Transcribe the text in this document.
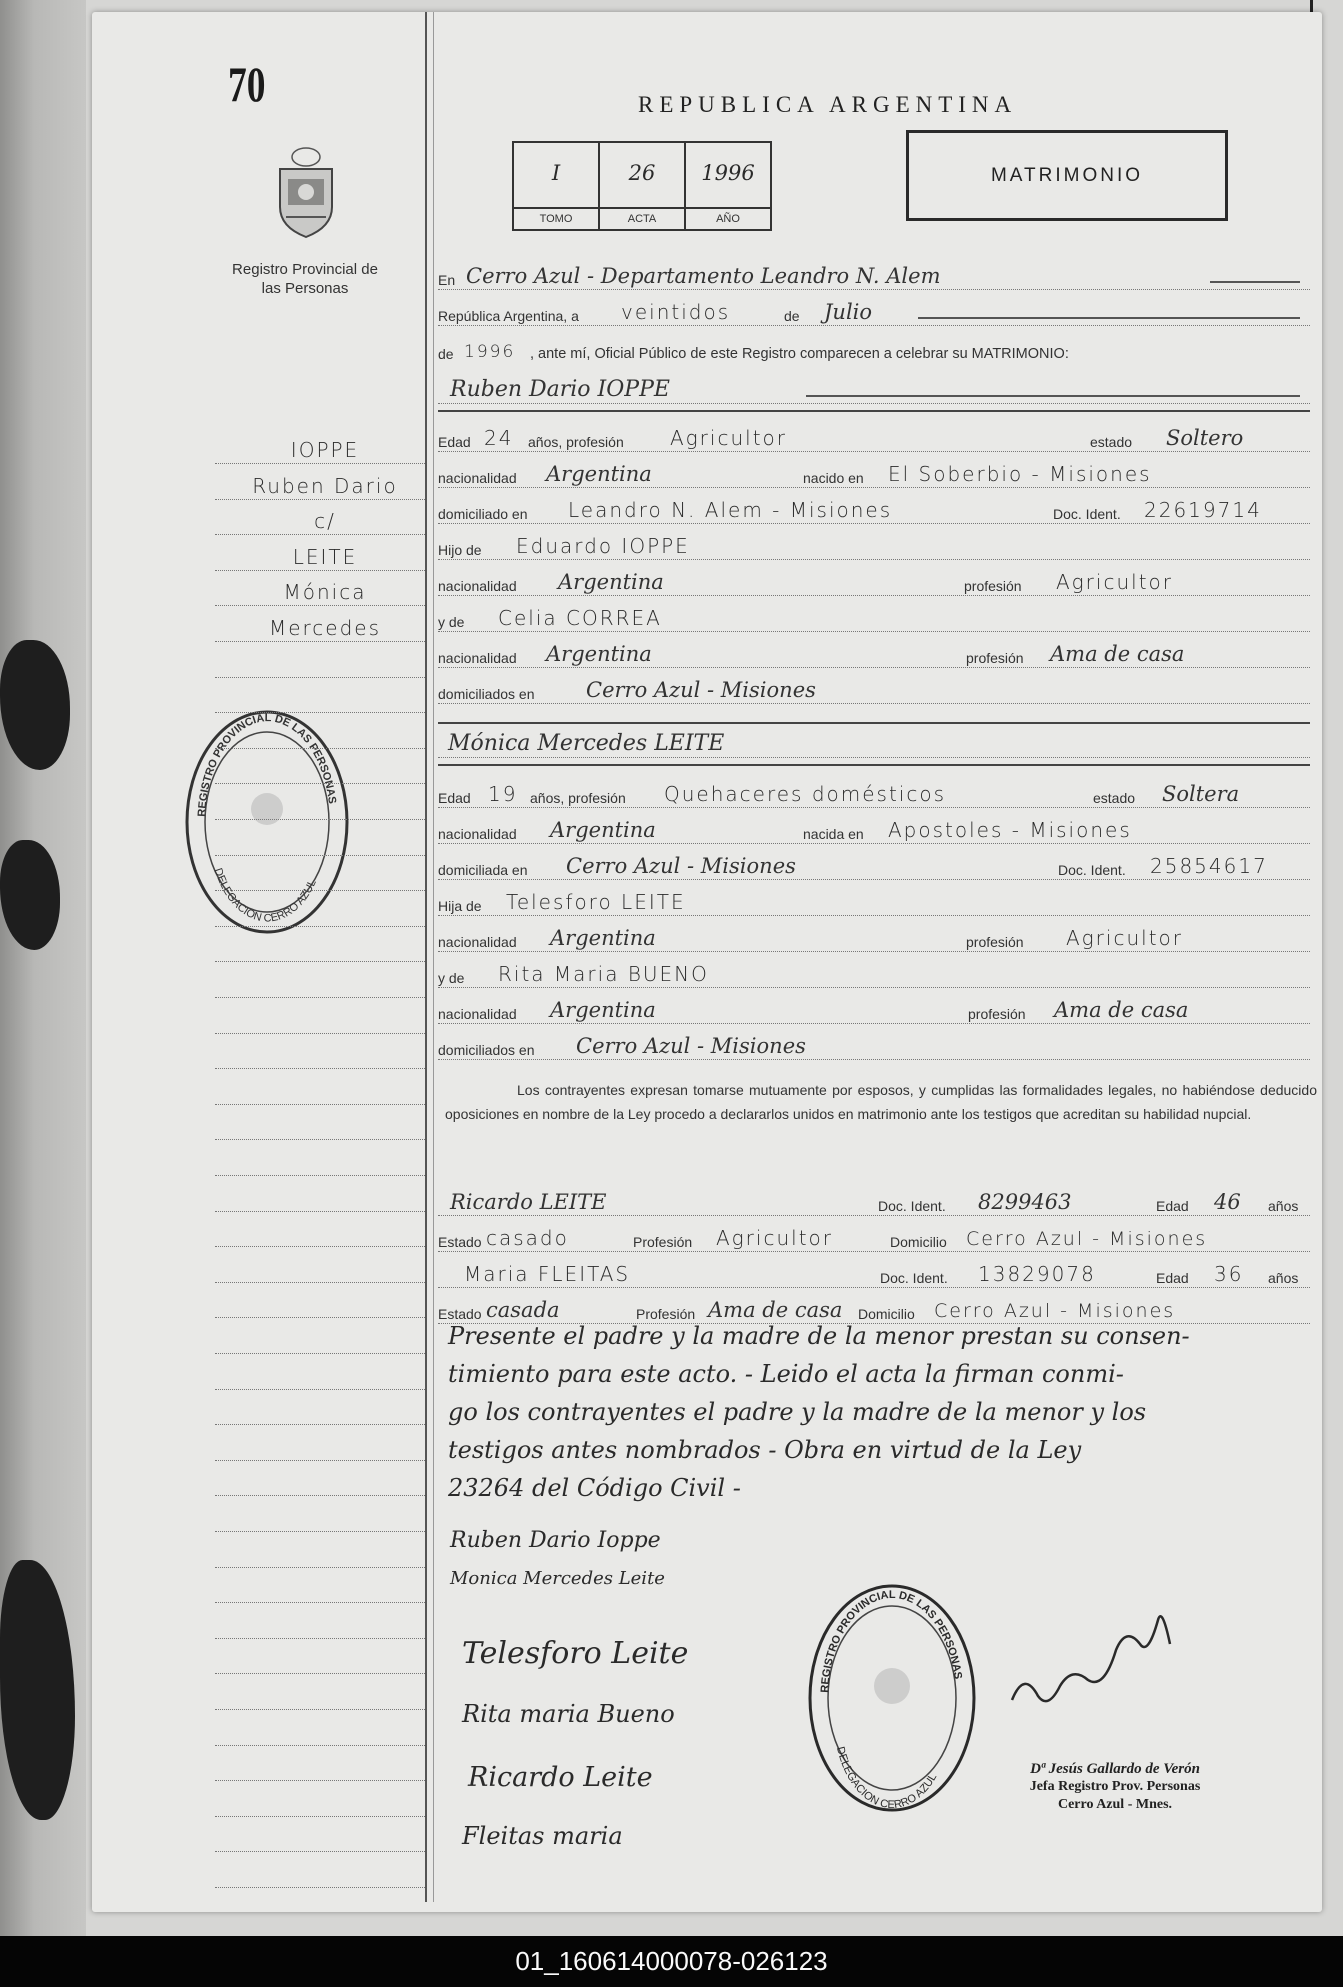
70
Registro Provincial de las Personas
REPUBLICA ARGENTINA
I
TOMO
26
ACTA
1996
AÑO
MATRIMONIO
En Cerro Azul - Departamento Leandro N. Alem
República Argentina, a veintidos	de Julio
de 1996 , ante mí, Oficial Público de este Registro comparecen a celebrar su MATRIMONIO:
Ruben Dario IOPPE
Edad 24 años, profesión Agricultor	estado Soltero
nacionalidad Argentina	nacido en El Soberbio - Misiones
domiciliado en Leandro N. Alem - Misiones	Doc. Ident. 22619714
Hijo de Eduardo IOPPE
nacionalidad Argentina	profesión Agricultor
y de Celia CORREA
nacionalidad Argentina	profesión Ama de casa
domiciliados en Cerro Azul - Misiones
Mónica Mercedes LEITE
Edad 19 años, profesión Quehaceres domésticos	estado Soltera
nacionalidad Argentina	nacida en Apostoles - Misiones
domiciliada en Cerro Azul - Misiones	Doc. Ident. 25854617
Hija de Telesforo LEITE
nacionalidad Argentina	profesión Agricultor
y de Rita Maria BUENO
nacionalidad Argentina	profesión Ama de casa
domiciliados en Cerro Azul - Misiones
Los contrayentes expresan tomarse mutuamente por esposos, y cumplidas las formalidades legales, no habiéndose deducido oposiciones en nombre de la Ley procedo a declararlos unidos en matrimonio ante los testigos que acreditan su habilidad nupcial.
Ricardo LEITE	Doc. Ident. 8299463	Edad 46 años
Estado casado	Profesión Agricultor	Domicilio Cerro Azul - Misiones
Maria FLEITAS	Doc. Ident. 13829078	Edad 36 años
Estado casada	Profesión Ama de casa Domicilio Cerro Azul - Misiones
Presente el padre y la madre de la menor prestan su consen-
timiento para este acto. - Leido el acta la firman conmi-
go los contrayentes el padre y la madre de la menor y los
testigos antes nombrados - Obra en virtud de la Ley
23264 del Código Civil -
Ruben Dario Ioppe
Monica Mercedes Leite
Telesforo Leite
Rita maria Bueno
Ricardo Leite
Fleitas maria
Dª Jesús Gallardo de Verón
Jefa Registro Prov. Personas
Cerro Azul - Mnes.
REGISTRO PROVINCIAL DE LAS PERSONAS
DELEGACION CERRO AZUL
REGISTRO PROVINCIAL DE LAS PERSONAS
DELEGACION CERRO AZUL
IOPPE
Ruben Dario
c/
LEITE
Mónica
Mercedes
01_160614000078-026123
